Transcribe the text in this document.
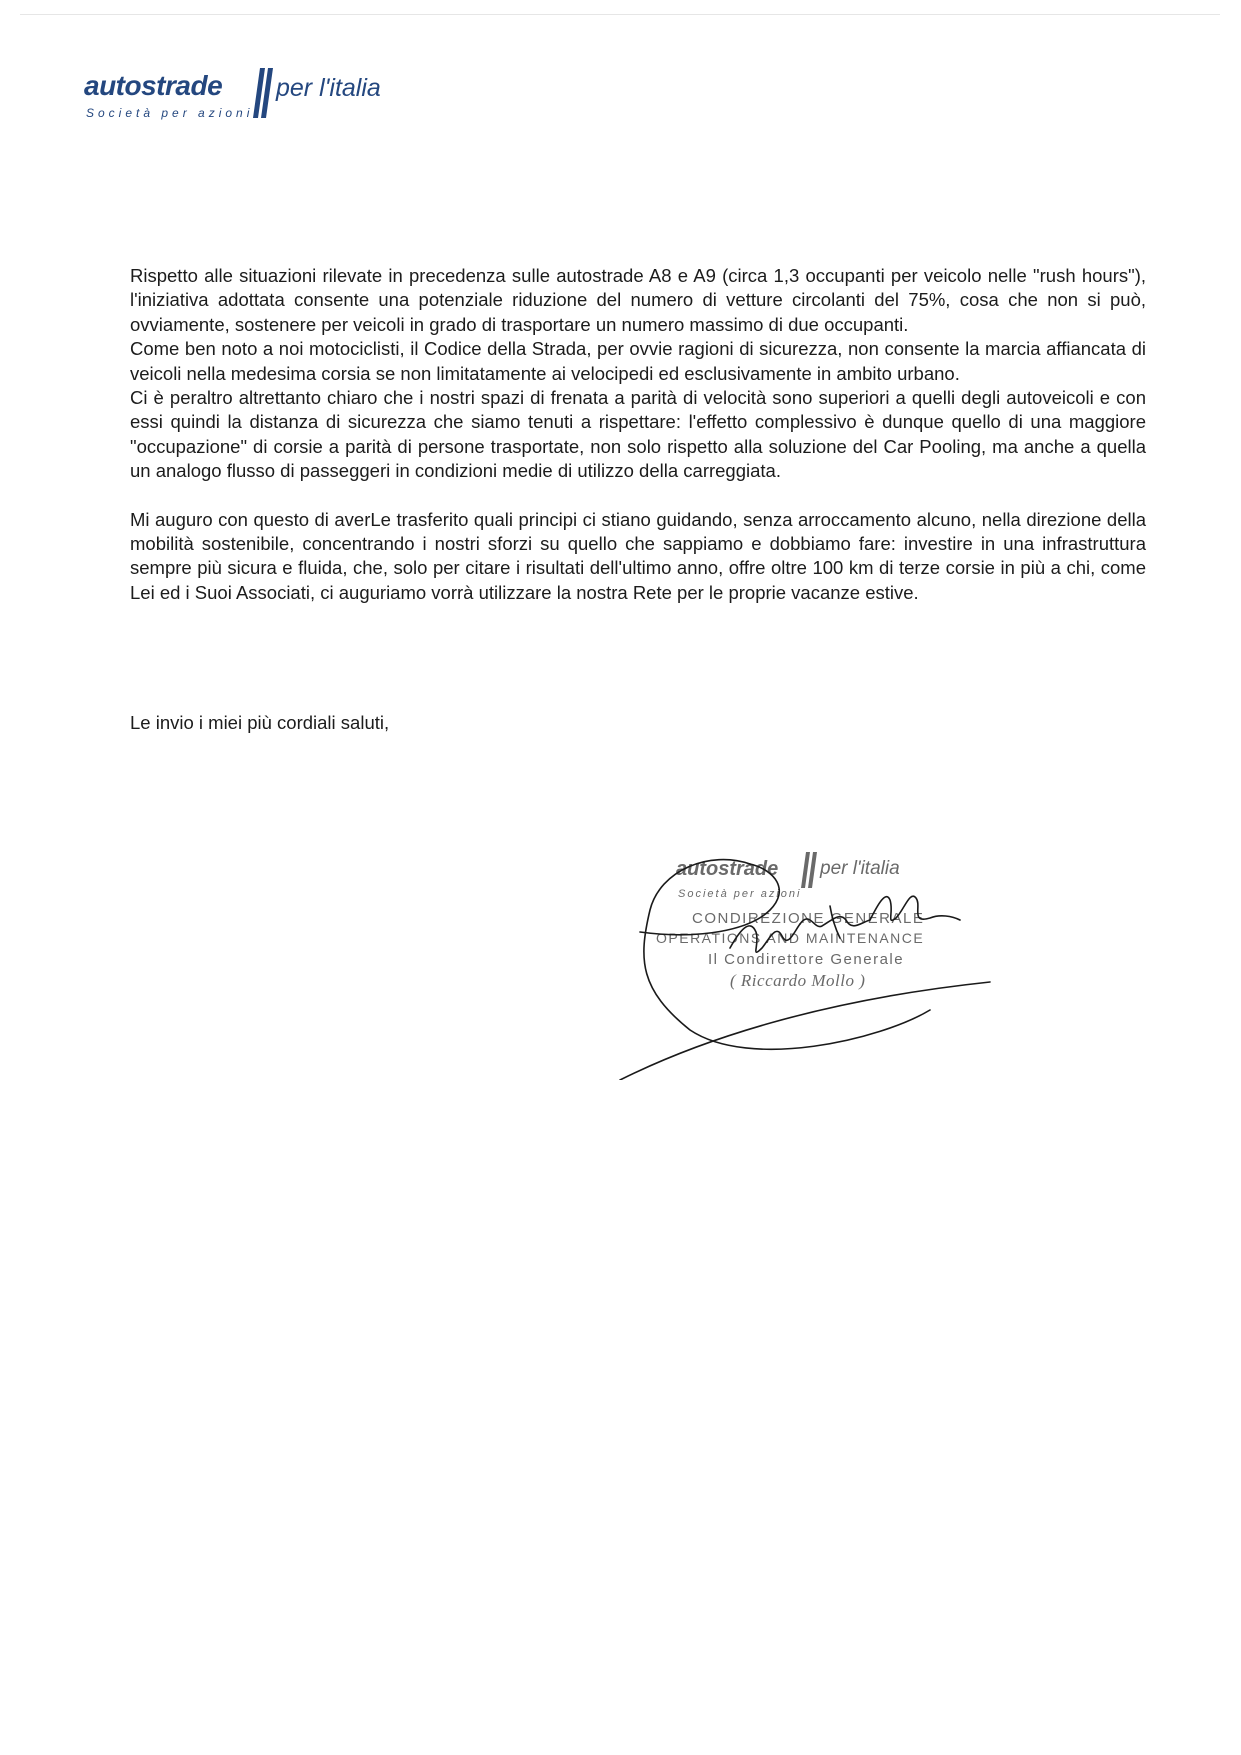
autostrade per l'italia
Società per azioni

Rispetto alle situazioni rilevate in precedenza sulle autostrade A8 e A9 (circa 1,3 occupanti per veicolo nelle "rush hours"), l'iniziativa adottata consente una potenziale riduzione del numero di vetture circolanti del 75%, cosa che non si può, ovviamente, sostenere per veicoli in grado di trasportare un numero massimo di due occupanti.

Come ben noto a noi motociclisti, il Codice della Strada, per ovvie ragioni di sicurezza, non consente la marcia affiancata di veicoli nella medesima corsia se non limitatamente ai velocipedi ed esclusivamente in ambito urbano.

Ci è peraltro altrettanto chiaro che i nostri spazi di frenata a parità di velocità sono superiori a quelli degli autoveicoli e con essi quindi la distanza di sicurezza che siamo tenuti a rispettare: l'effetto complessivo è dunque quello di una maggiore "occupazione" di corsie a parità di persone trasportate, non solo rispetto alla soluzione del Car Pooling, ma anche a quella un analogo flusso di passeggeri in condizioni medie di utilizzo della carreggiata.

Mi auguro con questo di averLe trasferito quali principi ci stiano guidando, senza arroccamento alcuno, nella direzione della mobilità sostenibile, concentrando i nostri sforzi su quello che sappiamo e dobbiamo fare: investire in una infrastruttura sempre più sicura e fluida, che, solo per citare i risultati dell'ultimo anno, offre oltre 100 km di terze corsie in più a chi, come Lei ed i Suoi Associati, ci auguriamo vorrà utilizzare la nostra Rete per le proprie vacanze estive.

Le invio i miei più cordiali saluti,
autostrade per l'italia
Società per azioni
CONDIREZIONE GENERALE
OPERATIONS AND MAINTENANCE
Il Condirettore Generale
( Riccardo Mollo )
